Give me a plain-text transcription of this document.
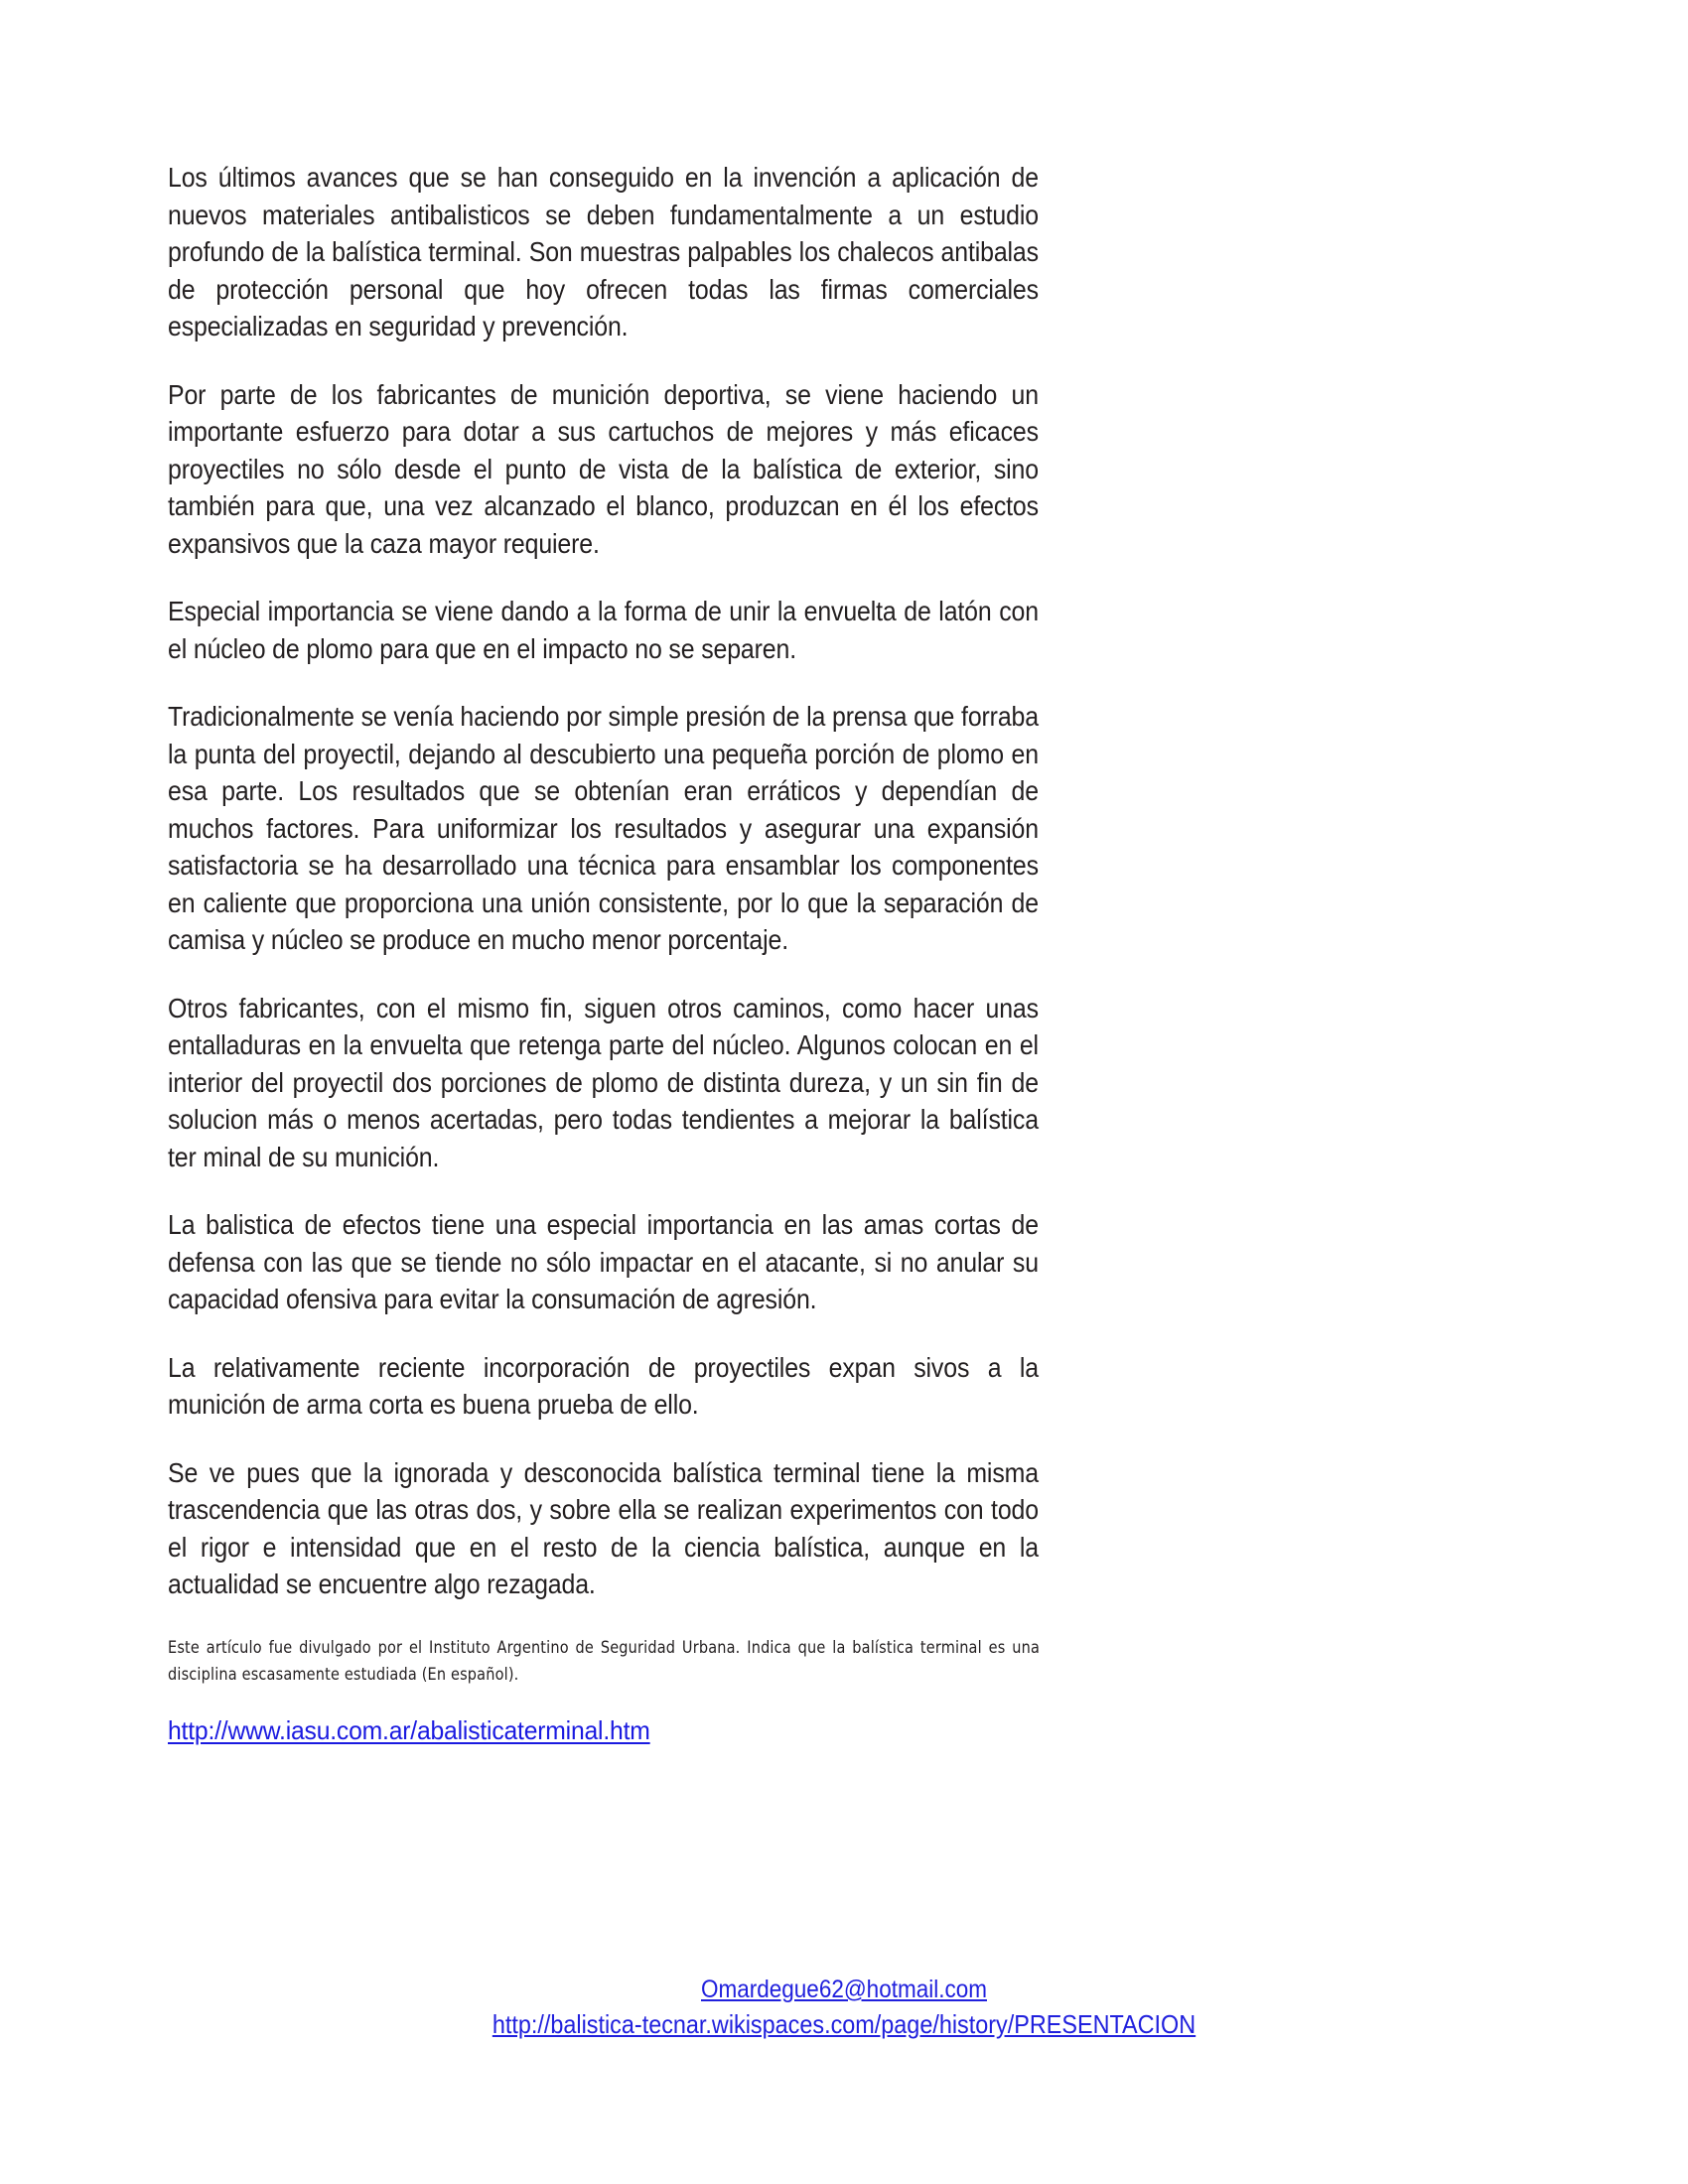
Los últimos avances que se han conseguido en la invención a aplicación de nuevos materiales antibalisticos se deben fundamentalmente a un estudio profundo de la balística terminal. Son muestras palpables los chalecos antibalas de protección personal que hoy ofrecen todas las firmas comerciales especializadas en seguridad y prevención.

Por parte de los fabricantes de munición deportiva, se viene haciendo un importante esfuerzo para dotar a sus cartuchos de mejores y más eficaces proyectiles no sólo desde el punto de vista de la balística de exterior, sino también para que, una vez alcanzado el blanco, produzcan en él los efectos expansivos que la caza mayor requiere.

Especial importancia se viene dando a la forma de unir la envuelta de latón con el núcleo de plomo para que en el impacto no se separen.

Tradicionalmente se venía haciendo por simple presión de la prensa que forraba la punta del proyectil, dejando al descubierto una pequeña porción de plomo en esa parte. Los resultados que se obtenían eran erráticos y dependían de muchos factores. Para uniformizar los resultados y asegurar una expansión satisfactoria se ha desarrollado una técnica para ensamblar los componentes en caliente que proporciona una unión consistente, por lo que la separación de camisa y núcleo se produce en mucho menor porcentaje.

Otros fabricantes, con el mismo fin, siguen otros caminos, como hacer unas entalladuras en la envuelta que retenga parte del núcleo. Algunos colocan en el interior del proyectil dos porciones de plomo de distinta dureza, y un sin fin de solucion más o menos acertadas, pero todas tendientes a mejorar la balística ter minal de su munición.

La balistica de efectos tiene una especial importancia en las amas cortas de defensa con las que se tiende no sólo impactar en el atacante, si no anular su capacidad ofensiva para evitar la consumación de agresión.

La relativamente reciente incorporación de proyectiles expan sivos a la munición de arma corta es buena prueba de ello.

Se ve pues que la ignorada y desconocida balística terminal tiene la misma trascendencia que las otras dos, y sobre ella se realizan experimentos con todo el rigor e intensidad que en el resto de la ciencia balística, aunque en la actualidad se encuentre algo rezagada.

Este artículo fue divulgado por el Instituto Argentino de Seguridad Urbana. Indica que la balística terminal es una disciplina escasamente estudiada (En español).

http://www.iasu.com.ar/abalisticaterminal.htm
Omardegue62@hotmail.com
http://balistica-tecnar.wikispaces.com/page/history/PRESENTACION
